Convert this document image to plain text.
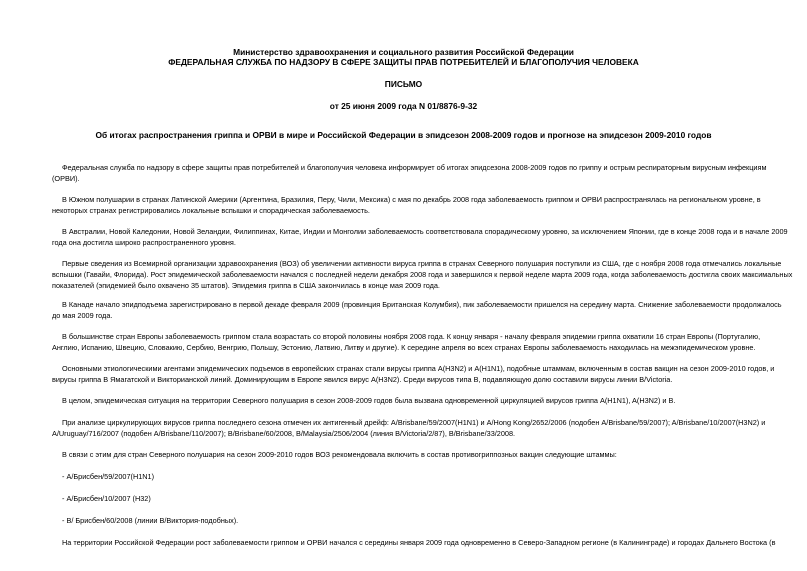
Министерство здравоохранения и социального развития Российской Федерации
ФЕДЕРАЛЬНАЯ СЛУЖБА ПО НАДЗОРУ В СФЕРЕ ЗАЩИТЫ ПРАВ ПОТРЕБИТЕЛЕЙ И БЛАГОПОЛУЧИЯ ЧЕЛОВЕКА
ПИСЬМО
от 25 июня 2009 года N 01/8876-9-32
Об итогах распространения гриппа и ОРВИ в мире и Российской Федерации в эпидсезон 2008-2009 годов и прогнозе на эпидсезон 2009-2010 годов
Федеральная служба по надзору в сфере защиты прав потребителей и благополучия человека информирует об итогах эпидсезона 2008-2009 годов по гриппу и острым респираторным вирусным инфекциям
(ОРВИ).
В Южном полушарии в странах Латинской Америки (Аргентина, Бразилия, Перу, Чили, Мексика) с мая по декабрь 2008 года заболеваемость гриппом и ОРВИ распространялась на региональном уровне, в
некоторых странах регистрировались локальные вспышки и спорадическая заболеваемость.
В Австралии, Новой Каледонии, Новой Зеландии, Филиппинах, Китае, Индии и Монголии заболеваемость соответствовала спорадическому уровню, за исключением Японии, где в конце 2008 года и в начале 2009
года она достигла широко распространенного уровня.
Первые сведения из Всемирной организации здравоохранения (ВОЗ) об увеличении активности вируса гриппа в странах Северного полушария поступили из США, где с ноября 2008 года отмечались локальные
вспышки (Гавайи, Флорида). Рост эпидемической заболеваемости начался с последней недели декабря 2008 года и завершился к первой неделе марта 2009 года, когда заболеваемость достигла своих максимальных
показателей (эпидемией было охвачено 35 штатов). Эпидемия гриппа в США закончилась в конце мая 2009 года.
В Канаде начало эпидподъема зарегистрировано в первой декаде февраля 2009 (провинция Британская Колумбия), пик заболеваемости пришелся на середину марта. Снижение заболеваемости продолжалось
до мая 2009 года.
В большинстве стран Европы заболеваемость гриппом стала возрастать со второй половины ноября 2008 года. К концу января - началу февраля эпидемии гриппа охватили 16 стран Европы (Португалию,
Англию, Испанию, Швецию, Словакию, Сербию, Венгрию, Польшу, Эстонию, Латвию, Литву и другие). К середине апреля во всех странах Европы заболеваемость находилась на межэпидемическом уровне.
Основными этиологическими агентами эпидемических подъемов в европейских странах стали вирусы гриппа A(H3N2) и A(H1N1), подобные штаммам, включенным в состав вакцин на сезон 2009-2010 годов, и
вирусы гриппа В Ямагатской и Викторианской линий. Доминирующим в Европе явился вирус A(H3N2). Среди вирусов типа В, подавляющую долю составили вирусы линии B/Victoria.
В целом, эпидемическая ситуация на территории Северного полушария в сезон 2008-2009 годов была вызвана одновременной циркуляцией вирусов гриппа A(H1N1), A(H3N2) и В.
При анализе циркулирующих вирусов гриппа последнего сезона отмечен их антигенный дрейф: A/Brisbane/59/2007(H1N1) и A/Hong Kong/2652/2006 (подобен A/Brisbane/59/2007); A/Brisbane/10/2007(H3N2) и
A/Uruguay/716/2007 (подобен A/Brisbane/110/2007); B/Brisbane/60/2008, B/Malaysia/2506/2004 (линия B/Victoria/2/87), B/Brisbane/33/2008.
В связи с этим для стран Северного полушария на сезон 2009-2010 годов ВОЗ рекомендовала включить в состав противогриппозных вакцин следующие штаммы:
- А/Брисбен/59/2007(H1N1)
- А/Брисбен/10/2007 (H32)
- В/ Брисбен/60/2008 (линии В/Виктория-подобных).
На территории Российской Федерации рост заболеваемости гриппом и ОРВИ начался с середины января 2009 года одновременно в Северо-Западном регионе (в Калининграде) и городах Дальнего Востока (в
